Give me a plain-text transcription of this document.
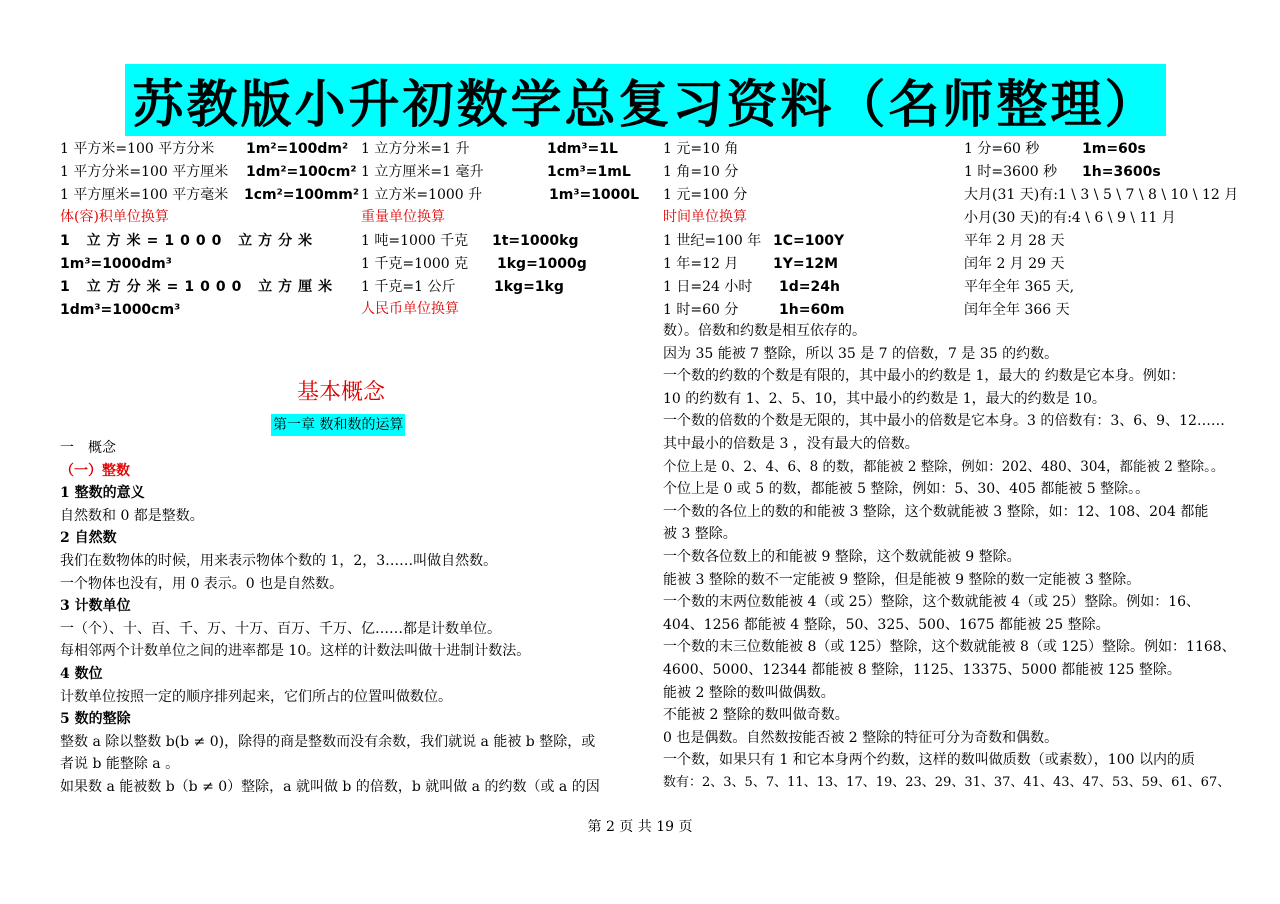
苏教版小升初数学总复习资料（名师整理）
1 平方米=100 平方分米 1m²=100dm²
1 平方分米=100 平方厘米 1dm²=100cm²
1 平方厘米=100 平方毫米 1cm²=100mm²
体(容)积单位换算
1 立方米=1000 立方分米
1m³=1000dm³
1 立方分米=1000 立方厘米
1dm³=1000cm³
1 立方分米=1 升	1dm³=1L
1 立方厘米=1 毫升	1cm³=1mL
1 立方米=1000 升	1m³=1000L
重量单位换算
1 吨=1000 千克 1t=1000kg
1 千克=1000 克 1kg=1000g
1 千克=1 公斤	1kg=1kg
人民币单位换算
1 元=10 角
1 角=10 分
1 元=100 分
时间单位换算
1 世纪=100 年 1C=100Y
1 年=12 月 1Y=12M
1 日=24 小时 1d=24h
1 时=60 分	1h=60m
1 分=60 秒	1m=60s
1 时=3600 秒 1h=3600s
大月(31 天)有:1 \ 3 \ 5 \ 7 \ 8 \ 10 \ 12 月
小月(30 天)的有:4 \ 6 \ 9 \ 11 月
平年 2 月 28 天
闰年 2 月 29 天
平年全年 365 天,
闰年全年 366 天
基本概念
第一章 数和数的运算

一　概念

（一）整数

1 整数的意义

自然数和 0 都是整数。

2 自然数

我们在数物体的时候，用来表示物体个数的 1，2，3……叫做自然数。

一个物体也没有，用 0 表示。0 也是自然数。

3 计数单位

一（个）、十、百、千、万、十万、百万、千万、亿……都是计数单位。

每相邻两个计数单位之间的进率都是 10。这样的计数法叫做十进制计数法。

4 数位

计数单位按照一定的顺序排列起来，它们所占的位置叫做数位。

5 数的整除

整数 a 除以整数 b(b ≠ 0)，除得的商是整数而没有余数，我们就说 a 能被 b 整除，或

者说 b 能整除 a 。

如果数 a 能被数 b（b ≠ 0）整除，a 就叫做 b 的倍数，b 就叫做 a 的约数（或 a 的因

数）。倍数和约数是相互依存的。

因为 35 能被 7 整除，所以 35 是 7 的倍数，7 是 35 的约数。

一个数的约数的个数是有限的，其中最小的约数是 1，最大的 约数是它本身。例如：

10 的约数有 1、2、5、10，其中最小的约数是 1，最大的约数是 10。

一个数的倍数的个数是无限的，其中最小的倍数是它本身。3 的倍数有：3、6、9、12……

其中最小的倍数是 3 ，没有最大的倍数。

个位上是 0、2、4、6、8 的数，都能被 2 整除，例如：202、480、304，都能被 2 整除。。

个位上是 0 或 5 的数，都能被 5 整除，例如：5、30、405 都能被 5 整除。。

一个数的各位上的数的和能被 3 整除，这个数就能被 3 整除，如：12、108、204 都能

被 3 整除。

一个数各位数上的和能被 9 整除，这个数就能被 9 整除。

能被 3 整除的数不一定能被 9 整除，但是能被 9 整除的数一定能被 3 整除。

一个数的末两位数能被 4（或 25）整除，这个数就能被 4（或 25）整除。例如：16、

404、1256 都能被 4 整除，50、325、500、1675 都能被 25 整除。

一个数的末三位数能被 8（或 125）整除，这个数就能被 8（或 125）整除。例如：1168、

4600、5000、12344 都能被 8 整除，1125、13375、5000 都能被 125 整除。

能被 2 整除的数叫做偶数。

不能被 2 整除的数叫做奇数。

0 也是偶数。自然数按能否被 2 整除的特征可分为奇数和偶数。

一个数，如果只有 1 和它本身两个约数，这样的数叫做质数（或素数），100 以内的质

数有：2、3、5、7、11、13、17、19、23、29、31、37、41、43、47、53、59、61、67、

第 2 页 共 19 页
